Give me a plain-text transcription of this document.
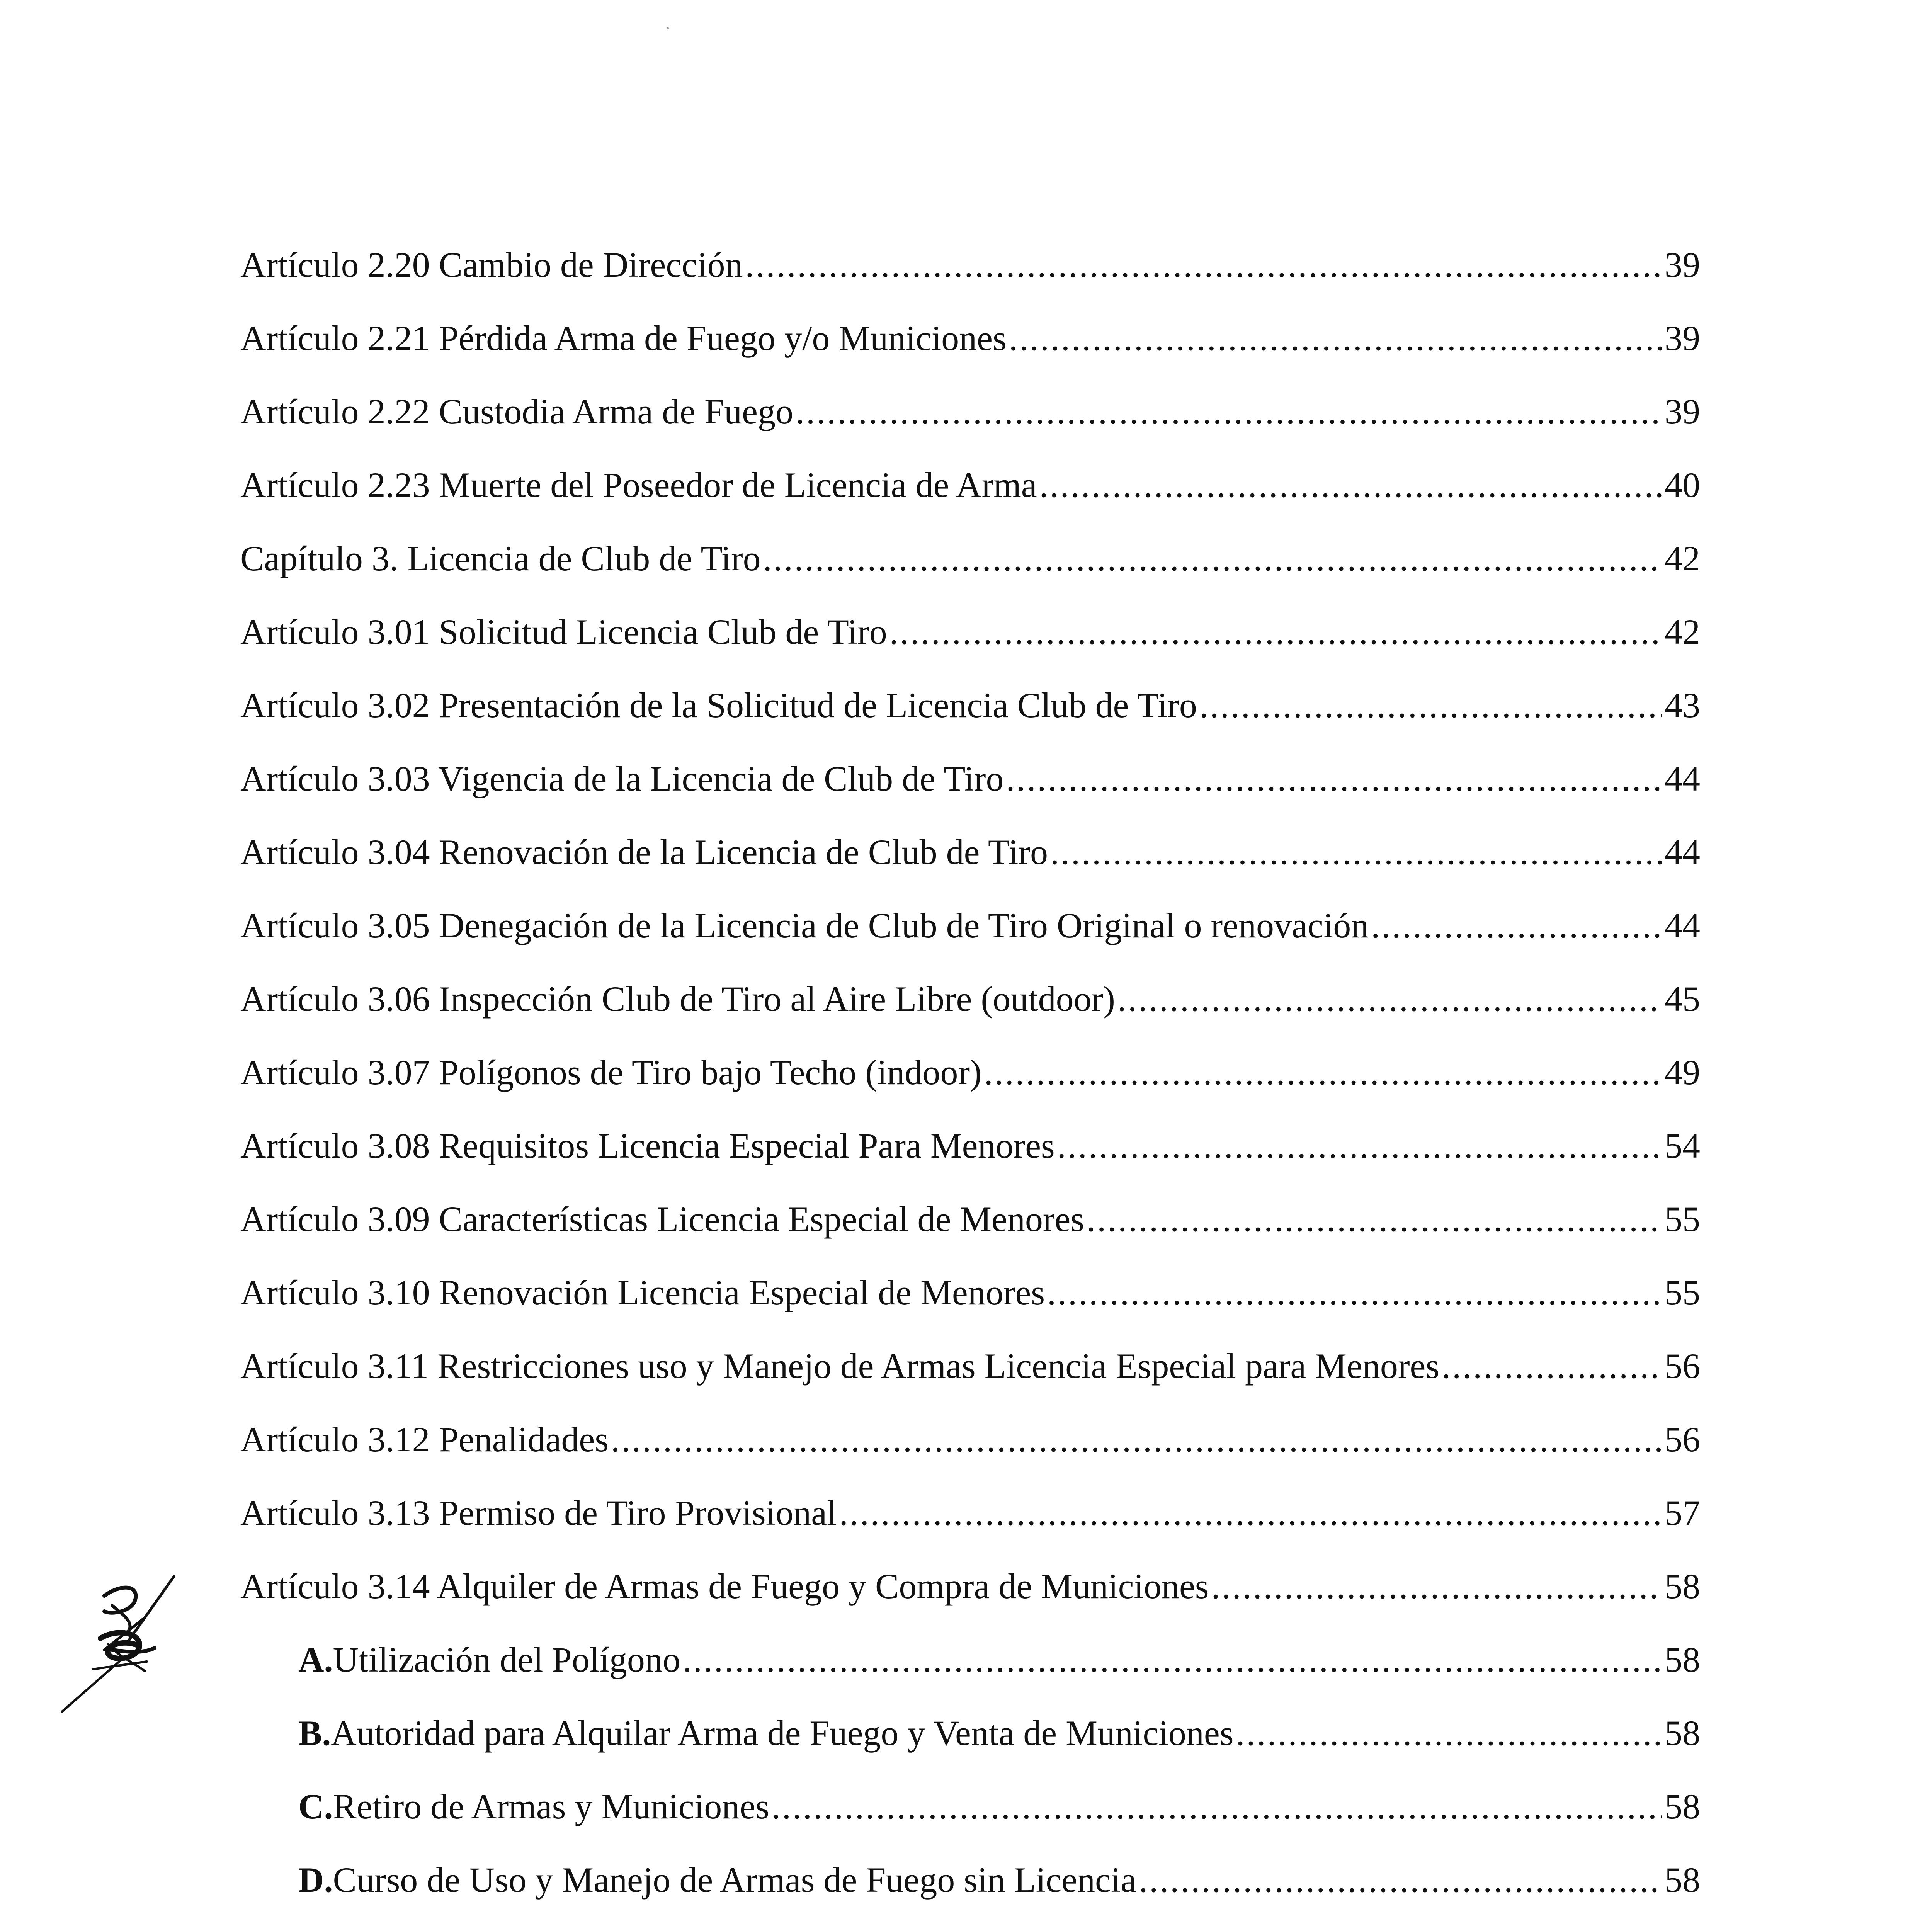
Artículo 2.20 Cambio de Dirección .....	39
Artículo 2.21 Pérdida Arma de Fuego y/o Municiones .....	39
Artículo 2.22 Custodia Arma de Fuego .....	39
Artículo 2.23 Muerte del Poseedor de Licencia de Arma .....	40
Capítulo 3. Licencia de Club de Tiro .....	42
Artículo 3.01 Solicitud Licencia Club de Tiro .....	42
Artículo 3.02 Presentación de la Solicitud de Licencia Club de Tiro .....	43
Artículo 3.03 Vigencia de la Licencia de Club de Tiro .....	44
Artículo 3.04 Renovación de la Licencia de Club de Tiro .....	44
Artículo 3.05 Denegación de la Licencia de Club de Tiro Original o renovación .....	44
Artículo 3.06 Inspección Club de Tiro al Aire Libre (outdoor) .....	45
Artículo 3.07 Polígonos de Tiro bajo Techo (indoor) .....	49
Artículo 3.08 Requisitos Licencia Especial Para Menores .....	54
Artículo 3.09 Características Licencia Especial de Menores .....	55
Artículo 3.10 Renovación Licencia Especial de Menores .....	55
Artículo 3.11 Restricciones uso y Manejo de Armas Licencia Especial para Menores .....	56
Artículo 3.12 Penalidades .....	56
Artículo 3.13 Permiso de Tiro Provisional .....	57
Artículo 3.14 Alquiler de Armas de Fuego y Compra de Municiones .....	58
A. Utilización del Polígono .....	58
B. Autoridad para Alquilar Arma de Fuego y Venta de Municiones .....	58
C. Retiro de Armas y Municiones .....	58
D. Curso de Uso y Manejo de Armas de Fuego sin Licencia .....	58
.....
